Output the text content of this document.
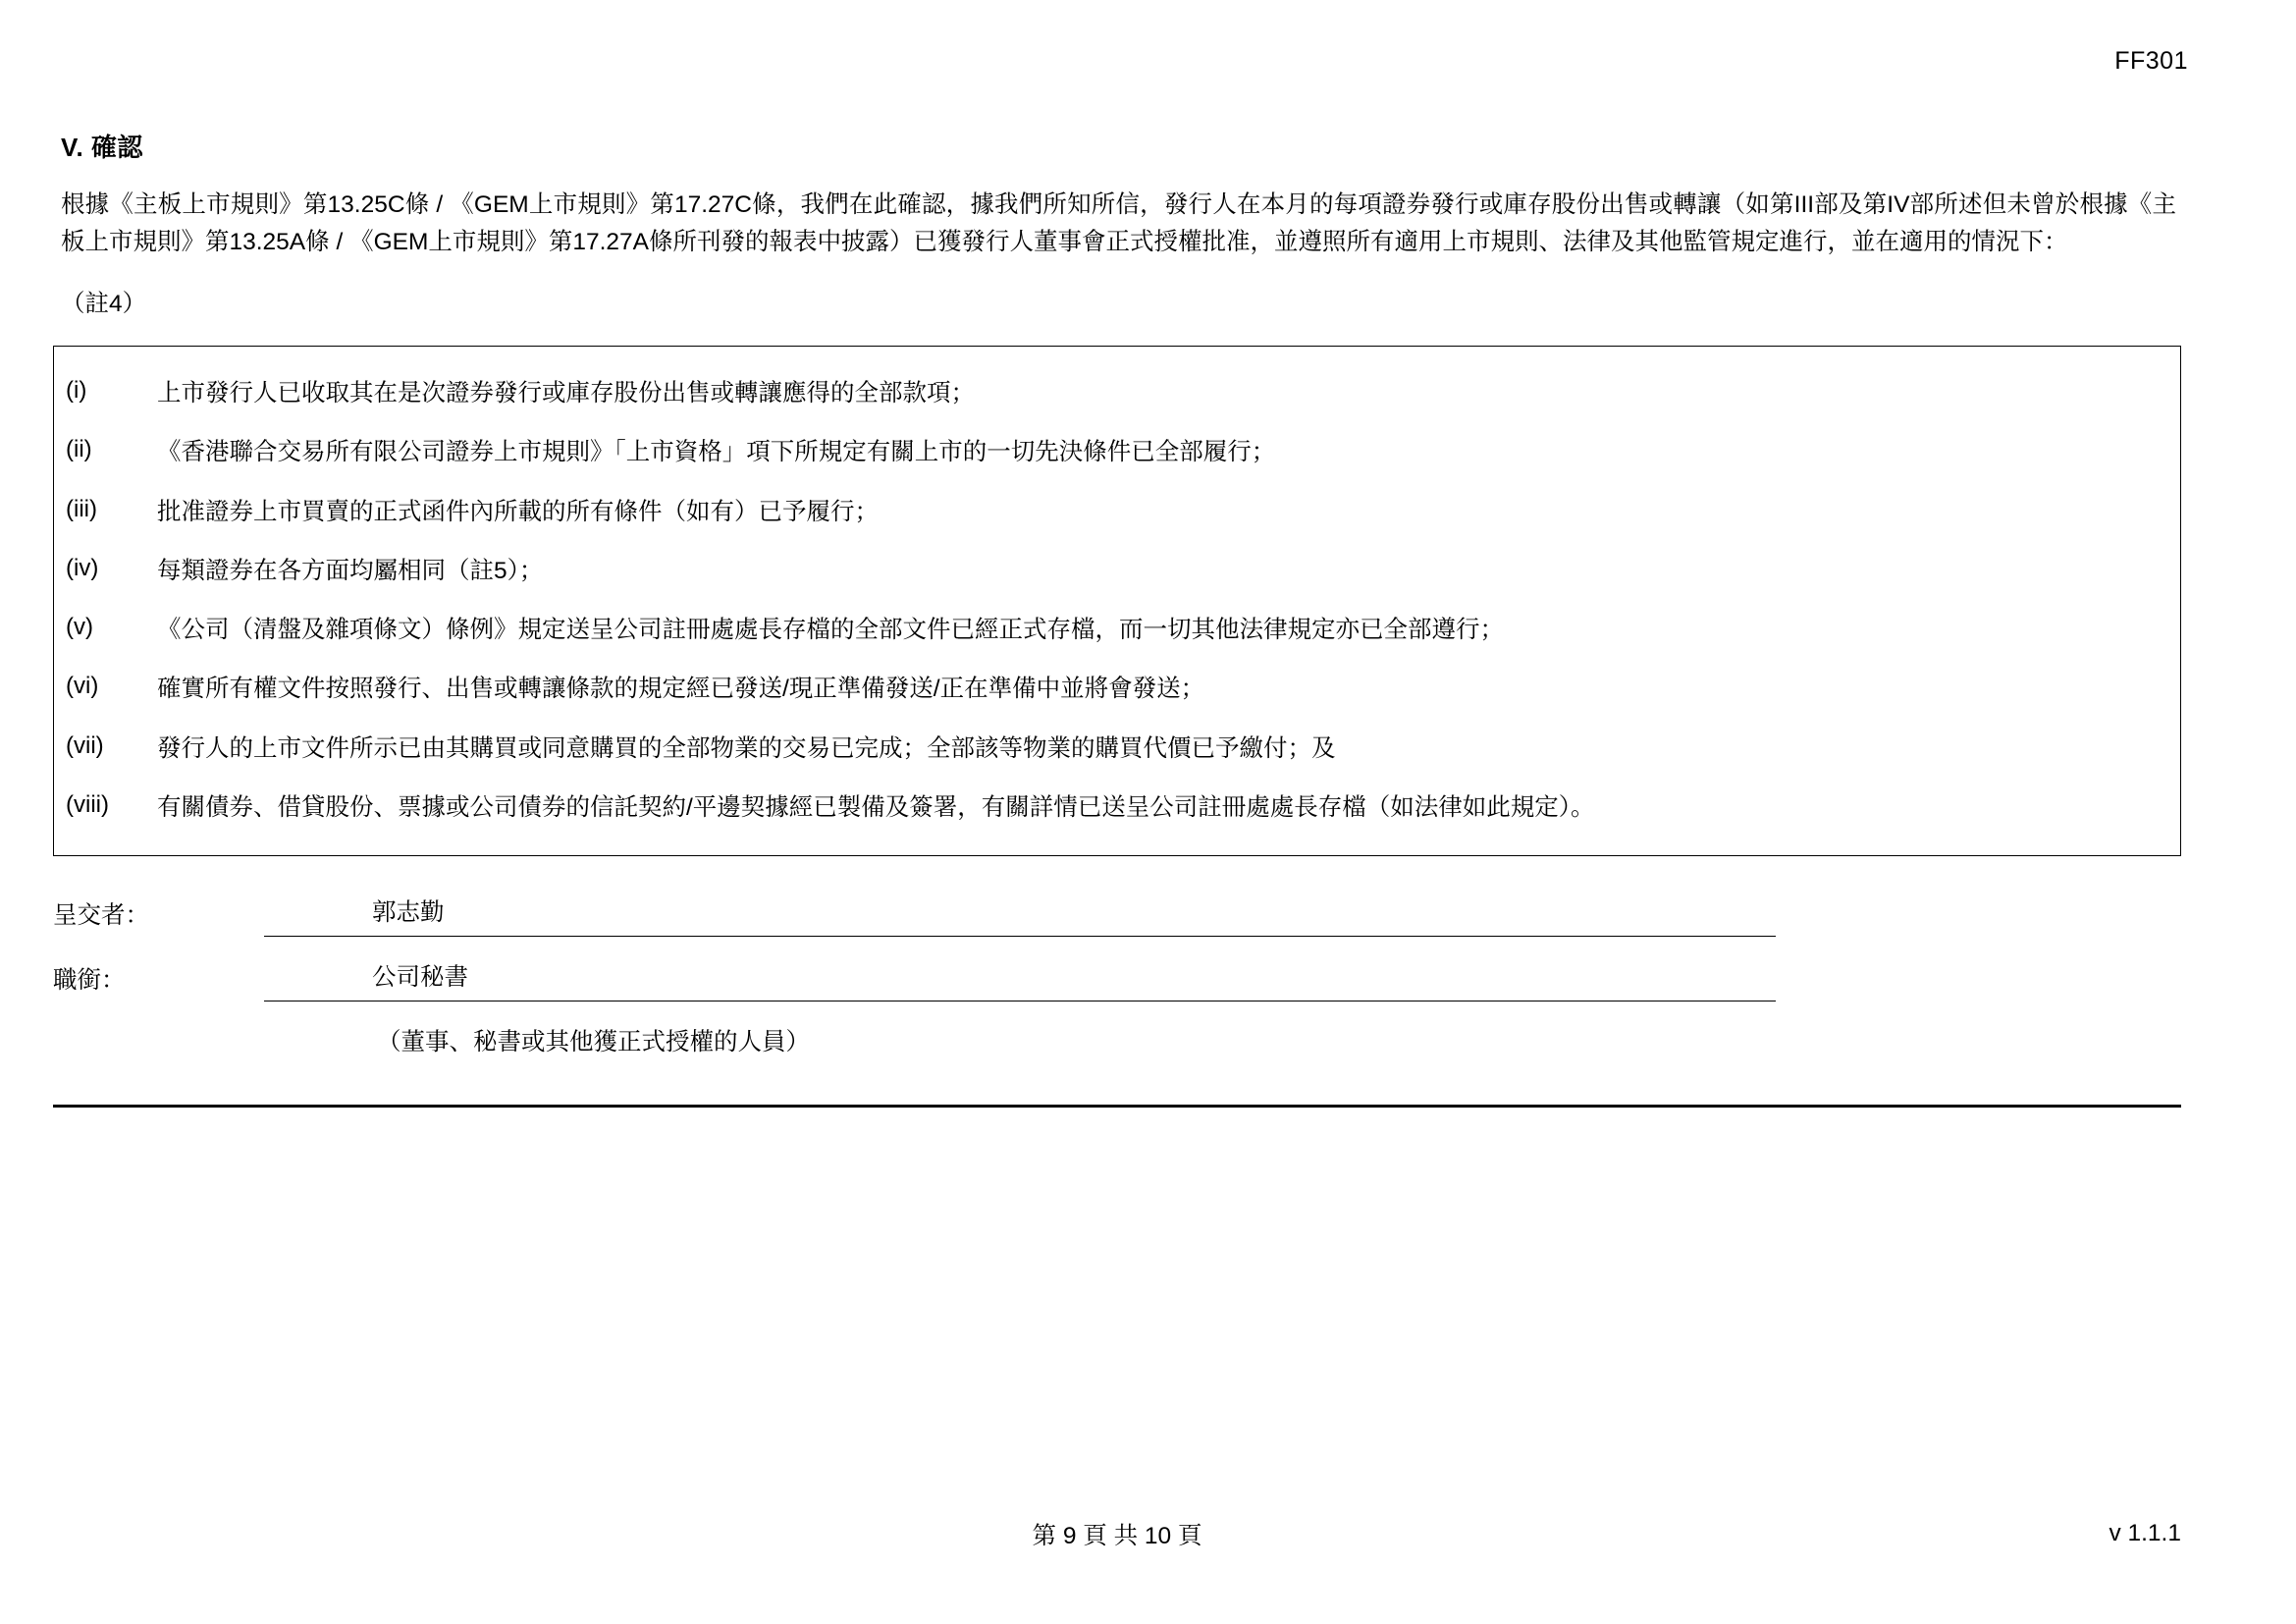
FF301
V. 確認
根據《主板上市規則》第13.25C條 / 《GEM上市規則》第17.27C條，我們在此確認，據我們所知所信，發行人在本月的每項證券發行或庫存股份出售或轉讓（如第III部及第IV部所述但未曾於根據《主板上市規則》第13.25A條 / 《GEM上市規則》第17.27A條所刊發的報表中披露）已獲發行人董事會正式授權批准，並遵照所有適用上市規則、法律及其他監管規定進行，並在適用的情況下：
（註4）
(i)	上市發行人已收取其在是次證券發行或庫存股份出售或轉讓應得的全部款項；
(ii)	《香港聯合交易所有限公司證券上市規則》「上市資格」項下所規定有關上市的一切先決條件已全部履行；
(iii)	批准證券上市買賣的正式函件內所載的所有條件（如有）已予履行；
(iv)	每類證券在各方面均屬相同（註5）；
(v)	《公司（清盤及雜項條文）條例》規定送呈公司註冊處處長存檔的全部文件已經正式存檔，而一切其他法律規定亦已全部遵行；
(vi)	確實所有權文件按照發行、出售或轉讓條款的規定經已發送/現正準備發送/正在準備中並將會發送；
(vii)	發行人的上市文件所示已由其購買或同意購買的全部物業的交易已完成；全部該等物業的購買代價已予繳付；及
(viii)	有關債券、借貸股份、票據或公司債券的信託契約/平邊契據經已製備及簽署，有關詳情已送呈公司註冊處處長存檔（如法律如此規定）。
呈交者：	郭志勤
職銜：	公司秘書
（董事、秘書或其他獲正式授權的人員）
第 9 頁 共 10 頁	v 1.1.1
